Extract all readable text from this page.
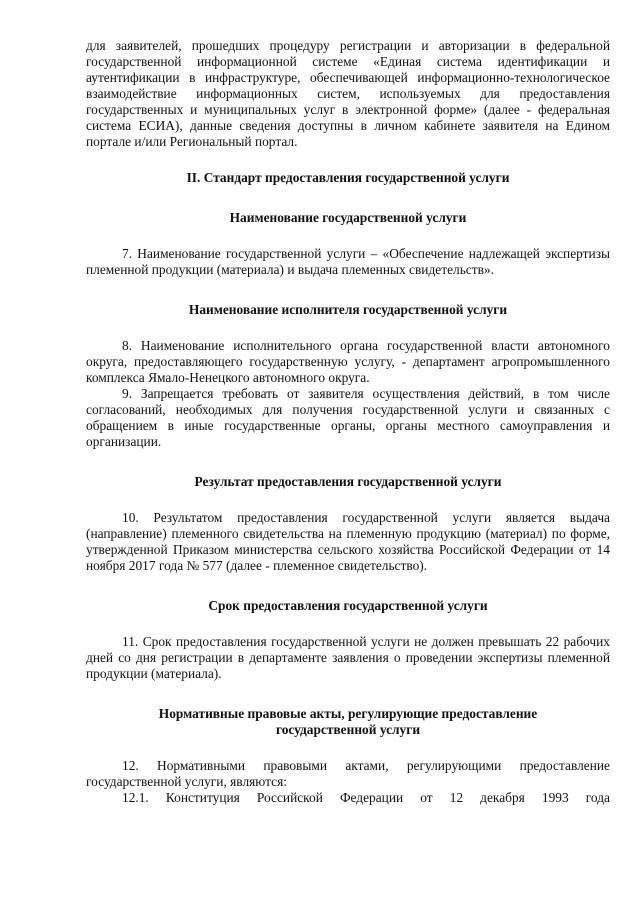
для заявителей, прошедших процедуру регистрации и авторизации в федеральной государственной информационной системе «Единая система идентификации и аутентификации в инфраструктуре, обеспечивающей информационно-технологическое взаимодействие информационных систем, используемых для предоставления государственных и муниципальных услуг в электронной форме» (далее - федеральная система ЕСИА), данные сведения доступны в личном кабинете заявителя на Едином портале и/или Региональный портал.

II. Стандарт предоставления государственной услуги

Наименование государственной услуги

7. Наименование государственной услуги – «Обеспечение надлежащей экспертизы племенной продукции (материала) и выдача племенных свидетельств».

Наименование исполнителя государственной услуги

8. Наименование исполнительного органа государственной власти автономного округа, предоставляющего государственную услугу, - департамент агропромышленного комплекса Ямало-Ненецкого автономного округа.

9. Запрещается требовать от заявителя осуществления действий, в том числе согласований, необходимых для получения государственной услуги и связанных с обращением в иные государственные органы, органы местного самоуправления и организации.

Результат предоставления государственной услуги

10. Результатом предоставления государственной услуги является выдача (направление) племенного свидетельства на племенную продукцию (материал) по форме, утвержденной Приказом министерства сельского хозяйства Российской Федерации от 14 ноября 2017 года № 577 (далее - племенное свидетельство).

Срок предоставления государственной услуги

11. Срок предоставления государственной услуги не должен превышать 22 рабочих дней со дня регистрации в департаменте заявления о проведении экспертизы племенной продукции (материала).

Нормативные правовые акты, регулирующие предоставление

государственной услуги

12. Нормативными правовыми актами, регулирующими предоставление государственной услуги, являются:

12.1. Конституция Российской Федерации от 12 декабря 1993 года
